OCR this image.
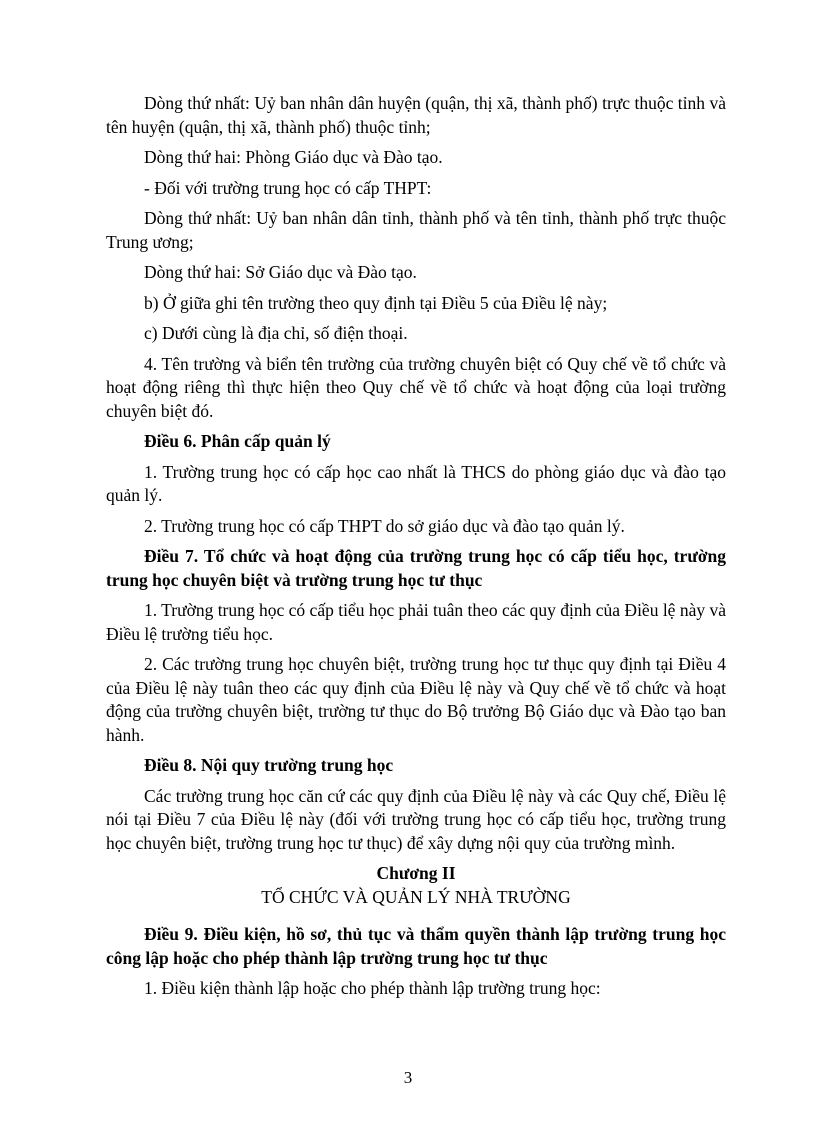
Dòng thứ nhất: Uỷ ban nhân dân huyện (quận, thị xã, thành phố) trực thuộc tỉnh và tên huyện (quận, thị xã, thành phố) thuộc tỉnh;

Dòng thứ hai: Phòng Giáo dục và Đào tạo.

- Đối với trường trung học có cấp THPT:

Dòng thứ nhất: Uỷ ban nhân dân tỉnh, thành phố và tên tỉnh, thành phố trực thuộc Trung ương;

Dòng thứ hai: Sở Giáo dục và Đào tạo.

b) Ở giữa ghi tên trường theo quy định tại Điều 5 của Điều lệ này;

c) Dưới cùng là địa chỉ, số điện thoại.

4. Tên trường và biển tên trường của trường chuyên biệt có Quy chế về tổ chức và hoạt động riêng thì thực hiện theo Quy chế về tổ chức và hoạt động của loại trường chuyên biệt đó.

Điều 6. Phân cấp quản lý

1. Trường trung học có cấp học cao nhất là THCS do phòng giáo dục và đào tạo quản lý.

2. Trường trung học có cấp THPT do sở giáo dục và đào tạo quản lý.

Điều 7. Tổ chức và hoạt động của trường trung học có cấp tiểu học, trường trung học chuyên biệt và trường trung học tư thục

1. Trường trung học có cấp tiểu học phải tuân theo các quy định của Điều lệ này và Điều lệ trường tiểu học.

2. Các trường trung học chuyên biệt, trường trung học tư thục quy định tại Điều 4 của Điều lệ này tuân theo các quy định của Điều lệ này và Quy chế về tổ chức và hoạt động của trường chuyên biệt, trường tư thục do Bộ trưởng Bộ Giáo dục và Đào tạo ban hành.

Điều 8. Nội quy trường trung học

Các trường trung học căn cứ các quy định của Điều lệ này và các Quy chế, Điều lệ nói tại Điều 7 của Điều lệ này (đối với trường trung học có cấp tiểu học, trường trung học chuyên biệt, trường trung học tư thục) để xây dựng nội quy của trường mình.

Chương II

TỔ CHỨC VÀ QUẢN LÝ NHÀ TRƯỜNG

Điều 9. Điều kiện, hồ sơ, thủ tục và thẩm quyền thành lập trường trung học công lập hoặc cho phép thành lập trường trung học tư thục

1. Điều kiện thành lập hoặc cho phép thành lập trường trung học:

3
